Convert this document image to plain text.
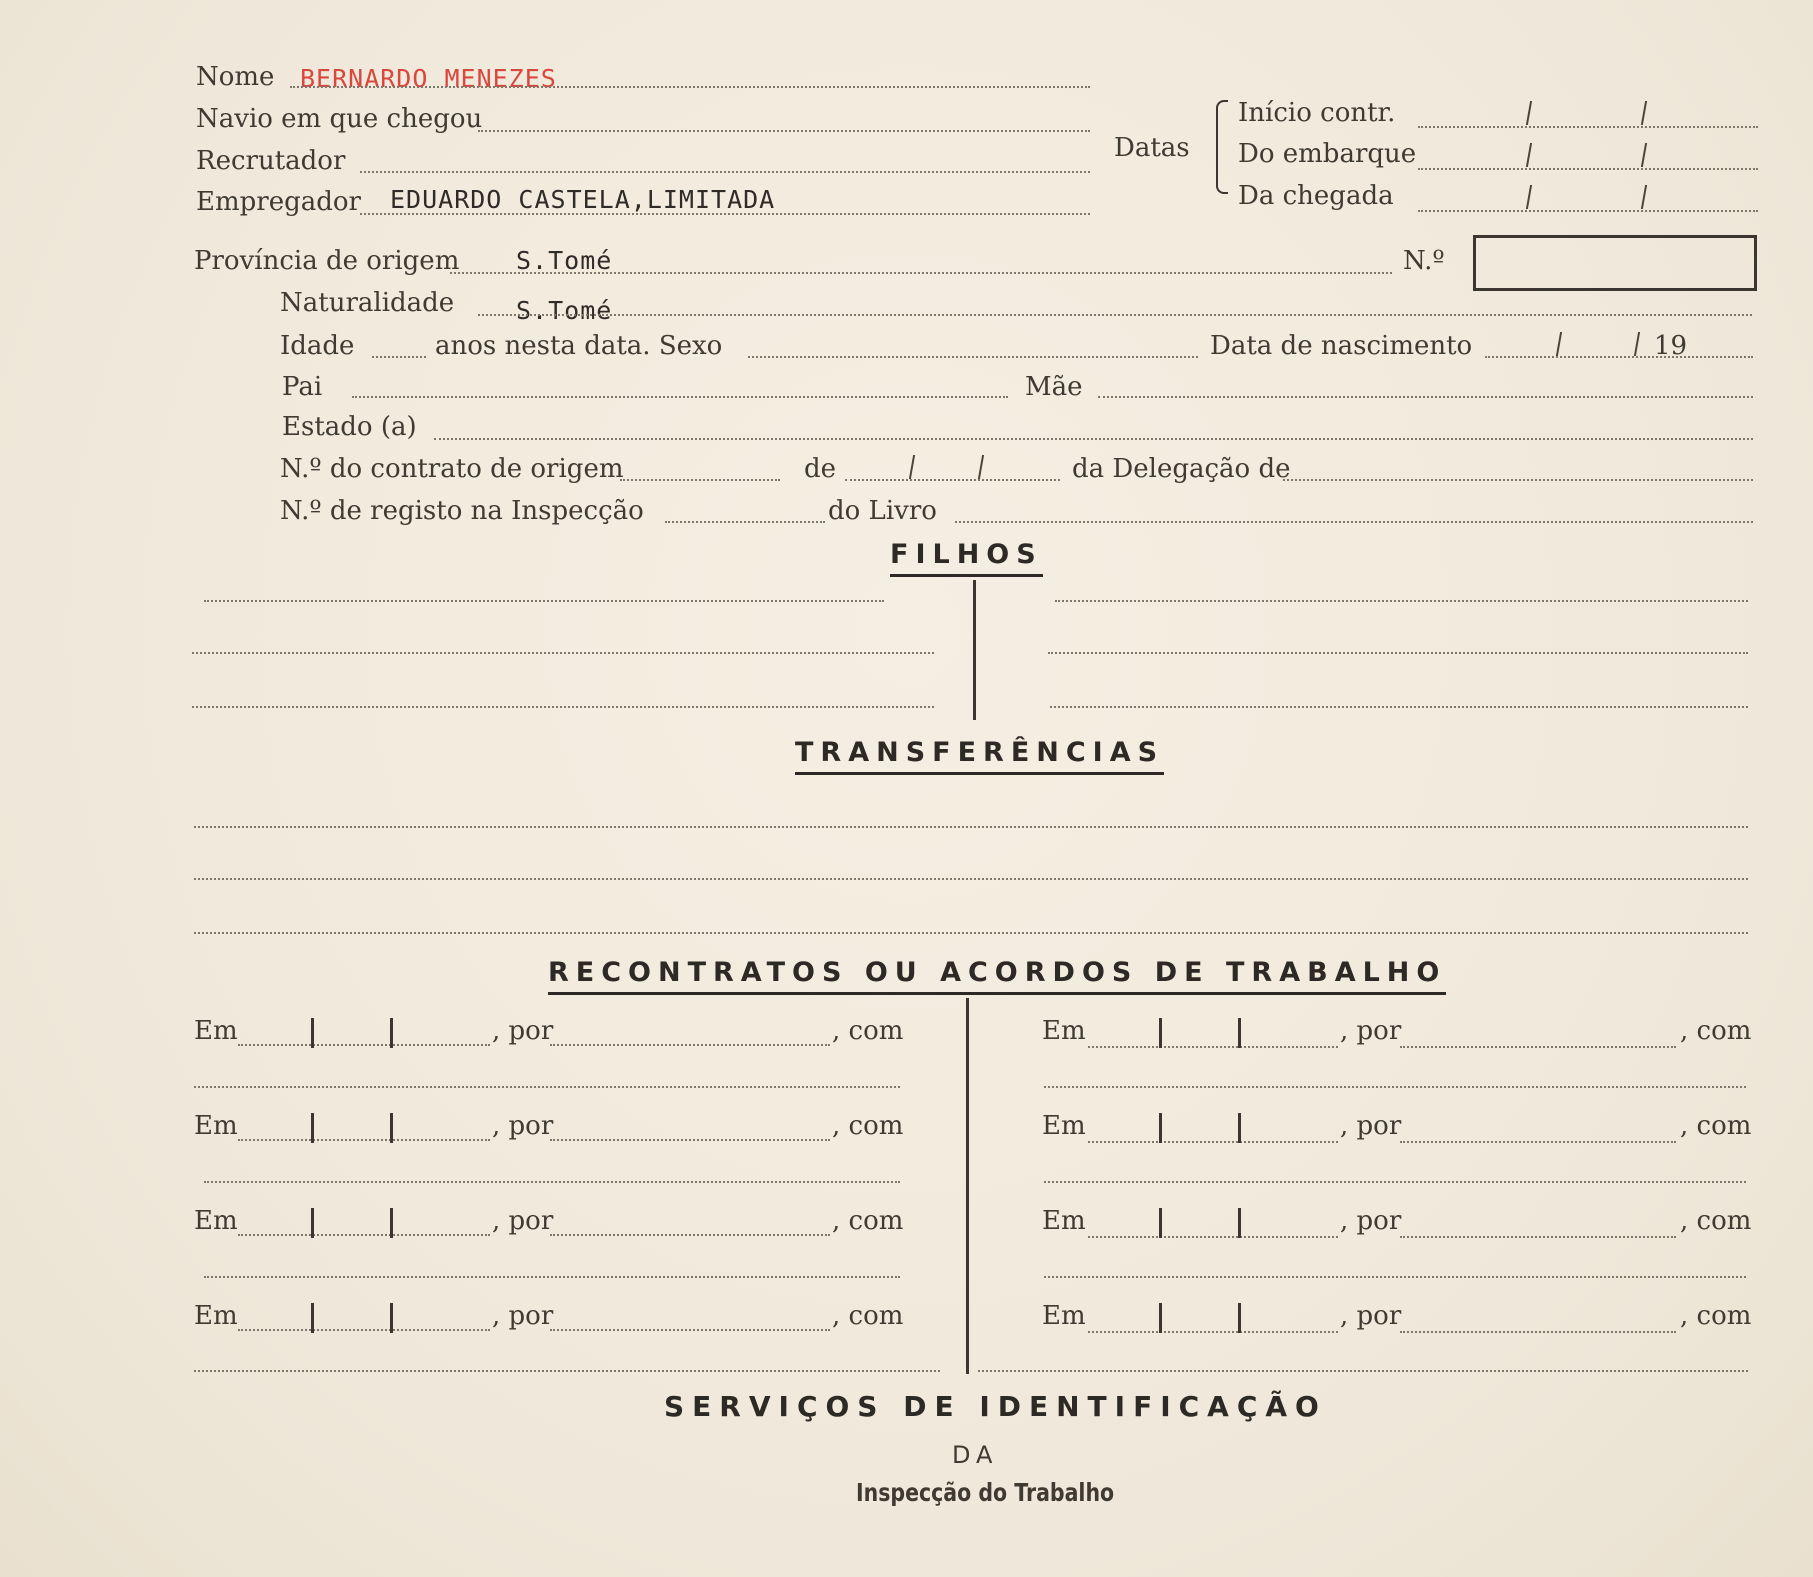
Nome BERNARDO MENEZES
Navio em que chegou
Recrutador
Empregador EDUARDO CASTELA,LIMITADA
Datas
Início contr.
Do embarque
Da chegada
Província de origem S.Tomé	N.º
Naturalidade S.Tomé
Idade	anos nesta data. Sexo	Data de nascimento	19
Pai	Mãe
Estado (a)
N.º do contrato de origem	de	da Delegação de
N.º de registo na Inspecção	do Livro
FILHOS
TRANSFERÊNCIAS
RECONTRATOS OU ACORDOS DE TRABALHO
Em	, por	, com
Em	, por	, com
Em	, por	, com
Em	, por	, com
Em	, por	, com
Em	, por	, com
Em	, por	, com
Em	, por	, com
SERVIÇOS DE IDENTIFICAÇÃO
DA
Inspecção do Trabalho
